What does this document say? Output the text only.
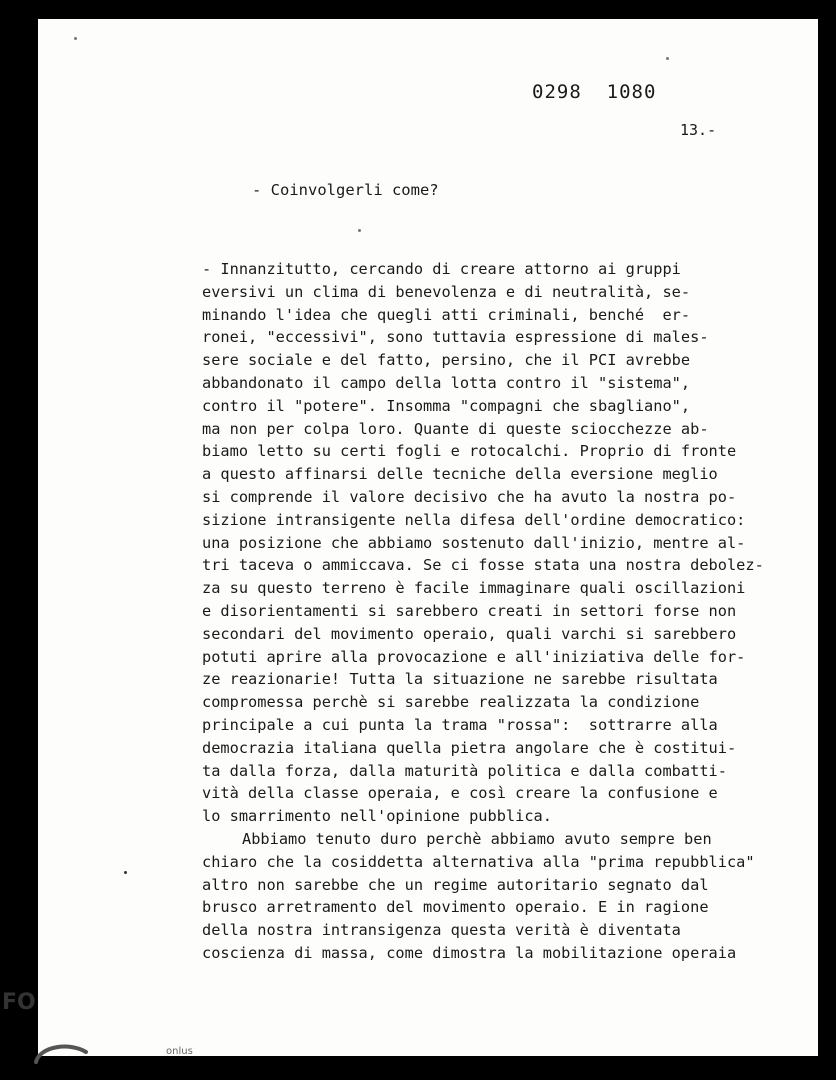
0298  1080
13.-
- Coinvolgerli come?
- Innanzitutto, cercando di creare attorno ai gruppi
eversivi un clima di benevolenza e di neutralità, se-
minando l'idea che quegli atti criminali, benché  er-
ronei, "eccessivi", sono tuttavia espressione di males-
sere sociale e del fatto, persino, che il PCI avrebbe
abbandonato il campo della lotta contro il "sistema",
contro il "potere". Insomma "compagni che sbagliano",
ma non per colpa loro. Quante di queste sciocchezze ab-
biamo letto su certi fogli e rotocalchi. Proprio di fronte
a questo affinarsi delle tecniche della eversione meglio
si comprende il valore decisivo che ha avuto la nostra po-
sizione intransigente nella difesa dell'ordine democratico:
una posizione che abbiamo sostenuto dall'inizio, mentre al-
tri taceva o ammiccava. Se ci fosse stata una nostra debolez-
za su questo terreno è facile immaginare quali oscillazioni
e disorientamenti si sarebbero creati in settori forse non
secondari del movimento operaio, quali varchi si sarebbero
potuti aprire alla provocazione e all'iniziativa delle for-
ze reazionarie! Tutta la situazione ne sarebbe risultata
compromessa perchè si sarebbe realizzata la condizione
principale a cui punta la trama "rossa":  sottrarre alla
democrazia italiana quella pietra angolare che è costitui-
ta dalla forza, dalla maturità politica e dalla combatti-
vità della classe operaia, e così creare la confusione e
lo smarrimento nell'opinione pubblica.
Abbiamo tenuto duro perchè abbiamo avuto sempre ben
chiaro che la cosiddetta alternativa alla "prima repubblica"
altro non sarebbe che un regime autoritario segnato dal
brusco arretramento del movimento operaio. E in ragione
della nostra intransigenza questa verità è diventata
coscienza di massa, come dimostra la mobilitazione operaia
FO
onlus
